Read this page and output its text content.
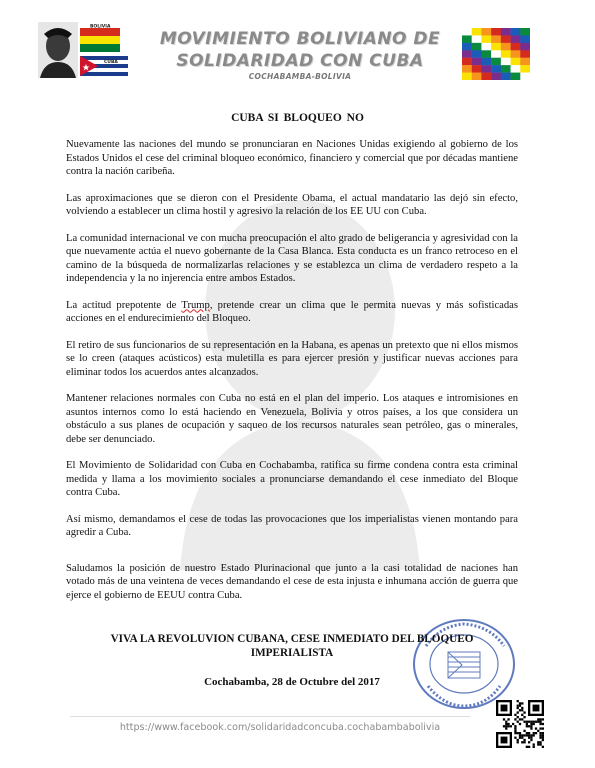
BOLIVIA
CUBA
MOVIMIENTO BOLIVIANO DE
SOLIDARIDAD CON CUBA
COCHABAMBA-BOLIVIA
CUBA SI BLOQUEO NO

Nuevamente las naciones del mundo se pronunciaran en Naciones Unidas exigiendo al gobierno de los Estados Unidos el cese del criminal bloqueo económico, financiero y comercial que por décadas mantiene contra la nación caribeña.

Las aproximaciones que se dieron con el Presidente Obama, el actual mandatario las dejó sin efecto, volviendo a establecer un clima hostil y agresivo la relación de los EE UU con Cuba.

La comunidad internacional ve con mucha preocupación el alto grado de beligerancia y agresividad con la que nuevamente actúa el nuevo gobernante de la Casa Blanca. Esta conducta es un franco retroceso en el camino de la búsqueda de normalizarlas relaciones y se establezca un clima de verdadero respeto a la independencia y la no injerencia entre ambos Estados.

La actitud prepotente de Trump, pretende crear un clima que le permita nuevas y más sofisticadas acciones en el endurecimiento del Bloqueo.

El retiro de sus funcionarios de su representación en la Habana, es apenas un pretexto que ni ellos mismos se lo creen (ataques acústicos) esta muletilla es para ejercer presión y justificar nuevas acciones para eliminar todos los acuerdos antes alcanzados.

Mantener relaciones normales con Cuba no está en el plan del imperio. Los ataques e intromisiones en asuntos internos como lo está haciendo en Venezuela, Bolivia y otros países, a los que considera un obstáculo a sus planes de ocupación y saqueo de los recursos naturales sean petróleo, gas o minerales, debe ser denunciado.

El Movimiento de Solidaridad con Cuba en Cochabamba, ratifica su firme condena contra esta criminal medida y llama a los movimiento sociales a pronunciarse demandando el cese inmediato del Bloque contra Cuba.

Así mismo, demandamos el cese de todas las provocaciones que los imperialistas vienen montando para agredir a Cuba.

Saludamos la posición de nuestro Estado Plurinacional que junto a la casi totalidad de naciones han votado más de una veintena de veces demandando el cese de esta injusta e inhumana acción de guerra que ejerce el gobierno de EEUU contra Cuba.

VIVA LA REVOLUVION CUBANA, CESE INMEDIATO DEL BLOQUEO
IMPERIALISTA
Cochabamba, 28 de Octubre del 2017
https://www.facebook.com/solidaridadconcuba.cochabambabolivia
